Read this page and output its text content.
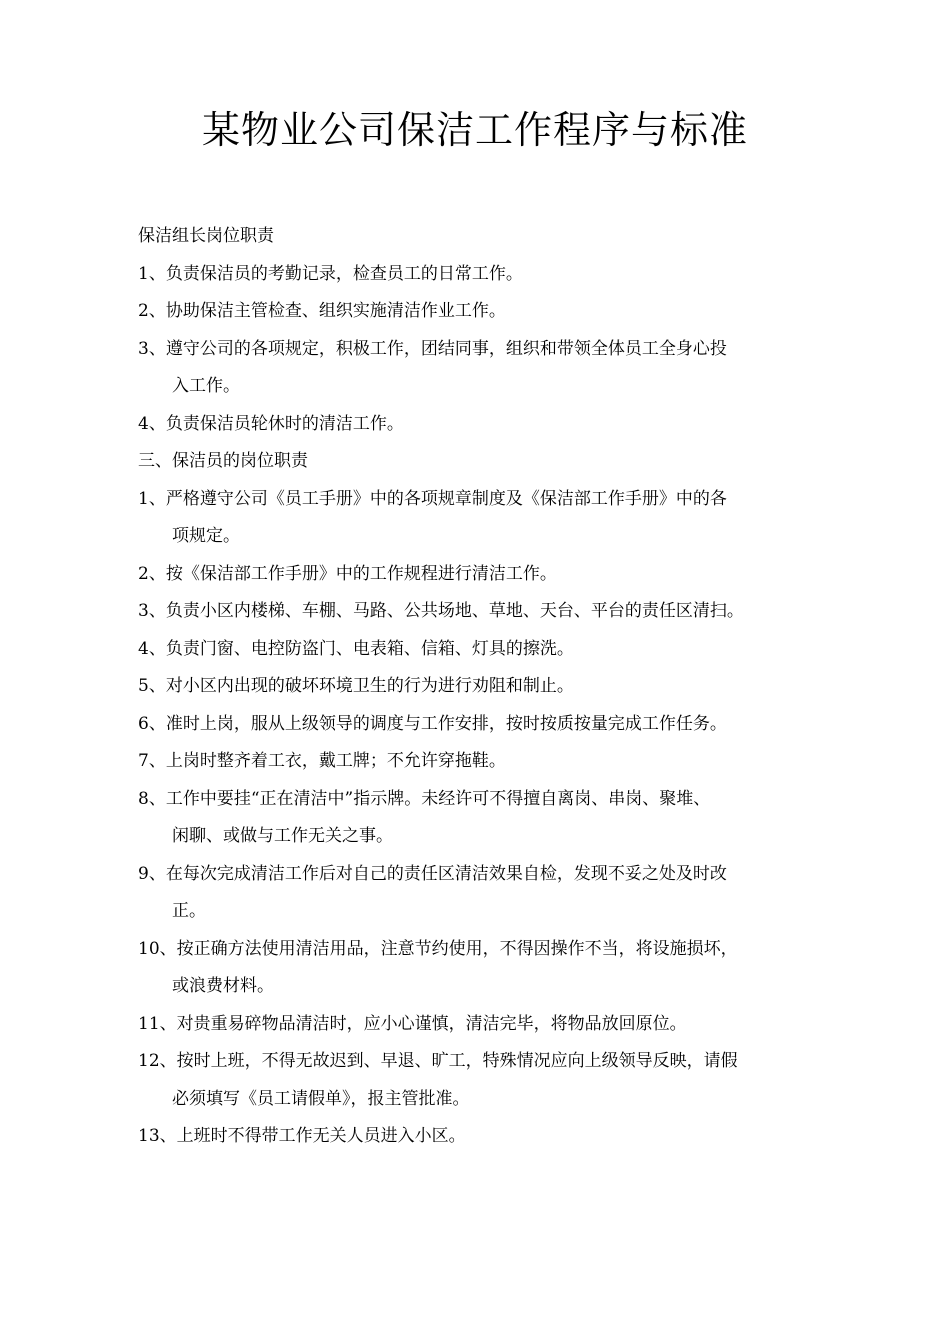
某物业公司保洁工作程序与标准
保洁组长岗位职责
1、负责保洁员的考勤记录，检查员工的日常工作。
2、协助保洁主管检查、组织实施清洁作业工作。
3、遵守公司的各项规定，积极工作，团结同事，组织和带领全体员工全身心投
入工作。
4、负责保洁员轮休时的清洁工作。
三、保洁员的岗位职责
1、严格遵守公司《员工手册》中的各项规章制度及《保洁部工作手册》中的各
项规定。
2、按《保洁部工作手册》中的工作规程进行清洁工作。
3、负责小区内楼梯、车棚、马路、公共场地、草地、天台、平台的责任区清扫。
4、负责门窗、电控防盗门、电表箱、信箱、灯具的擦洗。
5、对小区内出现的破坏环境卫生的行为进行劝阻和制止。
6、准时上岗，服从上级领导的调度与工作安排，按时按质按量完成工作任务。
7、上岗时整齐着工衣，戴工牌；不允许穿拖鞋。
8、工作中要挂“正在清洁中”指示牌。未经许可不得擅自离岗、串岗、聚堆、
闲聊、或做与工作无关之事。
9、在每次完成清洁工作后对自己的责任区清洁效果自检，发现不妥之处及时改
正。
10、按正确方法使用清洁用品，注意节约使用，不得因操作不当，将设施损坏，
或浪费材料。
11、对贵重易碎物品清洁时，应小心谨慎，清洁完毕，将物品放回原位。
12、按时上班，不得无故迟到、早退、旷工，特殊情况应向上级领导反映，请假
必须填写《员工请假单》，报主管批准。
13、上班时不得带工作无关人员进入小区。
